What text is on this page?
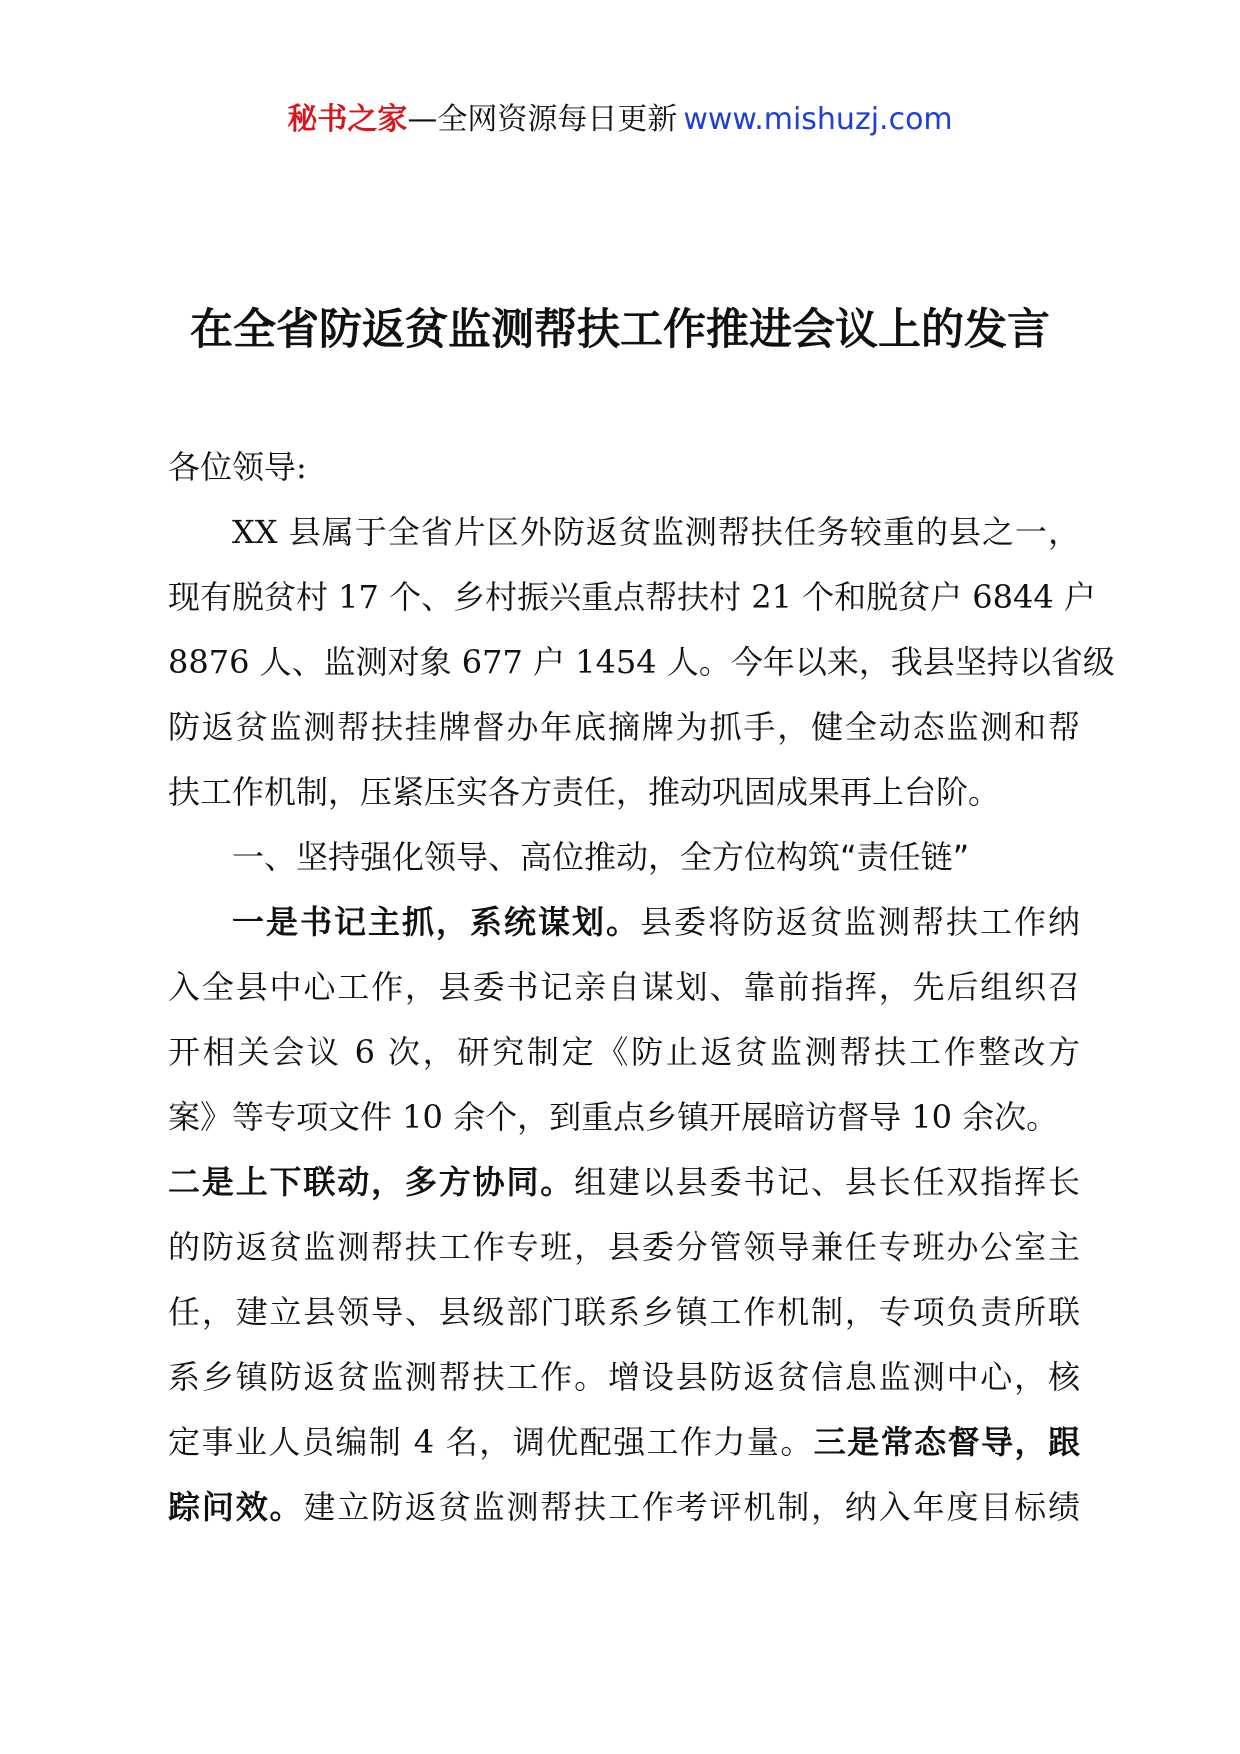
秘书之家—全网资源每日更新 www.mishuzj.com
在全省防返贫监测帮扶工作推进会议上的发言
各位领导:
XX 县属于全省片区外防返贫监测帮扶任务较重的县之一，
现有脱贫村 17 个、乡村振兴重点帮扶村 21 个和脱贫户 6844 户
8876 人、监测对象 677 户 1454 人。今年以来，我县坚持以省级
防返贫监测帮扶挂牌督办年底摘牌为抓手，健全动态监测和帮
扶工作机制，压紧压实各方责任，推动巩固成果再上台阶。
一、坚持强化领导、高位推动，全方位构筑“责任链”
一是书记主抓，系统谋划。县委将防返贫监测帮扶工作纳
入全县中心工作，县委书记亲自谋划、靠前指挥，先后组织召
开相关会议 6 次，研究制定《防止返贫监测帮扶工作整改方
案》等专项文件 10 余个，到重点乡镇开展暗访督导 10 余次。
二是上下联动，多方协同。组建以县委书记、县长任双指挥长
的防返贫监测帮扶工作专班，县委分管领导兼任专班办公室主
任，建立县领导、县级部门联系乡镇工作机制，专项负责所联
系乡镇防返贫监测帮扶工作。增设县防返贫信息监测中心，核
定事业人员编制 4 名，调优配强工作力量。三是常态督导，跟
踪问效。建立防返贫监测帮扶工作考评机制，纳入年度目标绩
